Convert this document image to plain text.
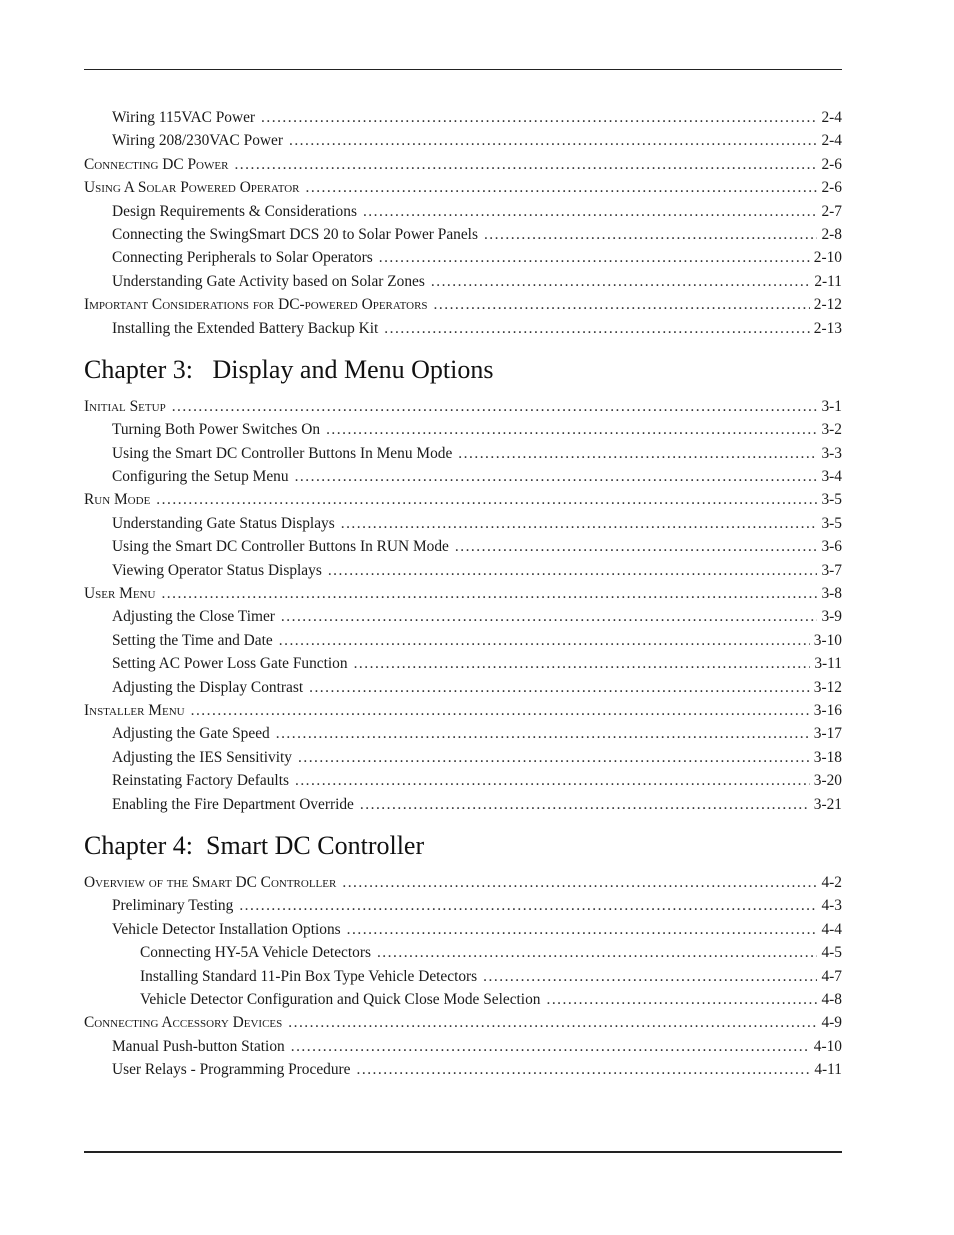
Wiring 115VAC Power .....	2-4
Wiring 208/230VAC Power .....	2-4
Connecting DC Power .....	2-6
Using A Solar Powered Operator .....	2-6
Design Requirements & Considerations .....	2-7
Connecting the SwingSmart DCS 20 to Solar Power Panels .....	2-8
Connecting Peripherals to Solar Operators .....	2-10
Understanding Gate Activity based on Solar Zones .....	2-11
Important Considerations for DC-powered Operators .....	2-12
Installing the Extended Battery Backup Kit .....	2-13
Chapter 3:   Display and Menu Options
Initial Setup .....	3-1
Turning Both Power Switches On .....	3-2
Using the Smart DC Controller Buttons In Menu Mode .....	3-3
Configuring the Setup Menu .....	3-4
Run Mode .....	3-5
Understanding Gate Status Displays .....	3-5
Using the Smart DC Controller Buttons In RUN Mode .....	3-6
Viewing Operator Status Displays .....	3-7
User Menu .....	3-8
Adjusting the Close Timer .....	3-9
Setting the Time and Date .....	3-10
Setting AC Power Loss Gate Function .....	3-11
Adjusting the Display Contrast .....	3-12
Installer Menu .....	3-16
Adjusting the Gate Speed .....	3-17
Adjusting the IES Sensitivity .....	3-18
Reinstating Factory Defaults .....	3-20
Enabling the Fire Department Override .....	3-21
Chapter 4:  Smart DC Controller
Overview of the Smart DC Controller .....	4-2
Preliminary Testing .....	4-3
Vehicle Detector Installation Options .....	4-4
Connecting HY-5A Vehicle Detectors .....	4-5
Installing Standard 11-Pin Box Type Vehicle Detectors .....	4-7
Vehicle Detector Configuration and Quick Close Mode Selection .....	4-8
Connecting Accessory Devices .....	4-9
Manual Push-button Station .....	4-10
User Relays - Programming Procedure .....	4-11
